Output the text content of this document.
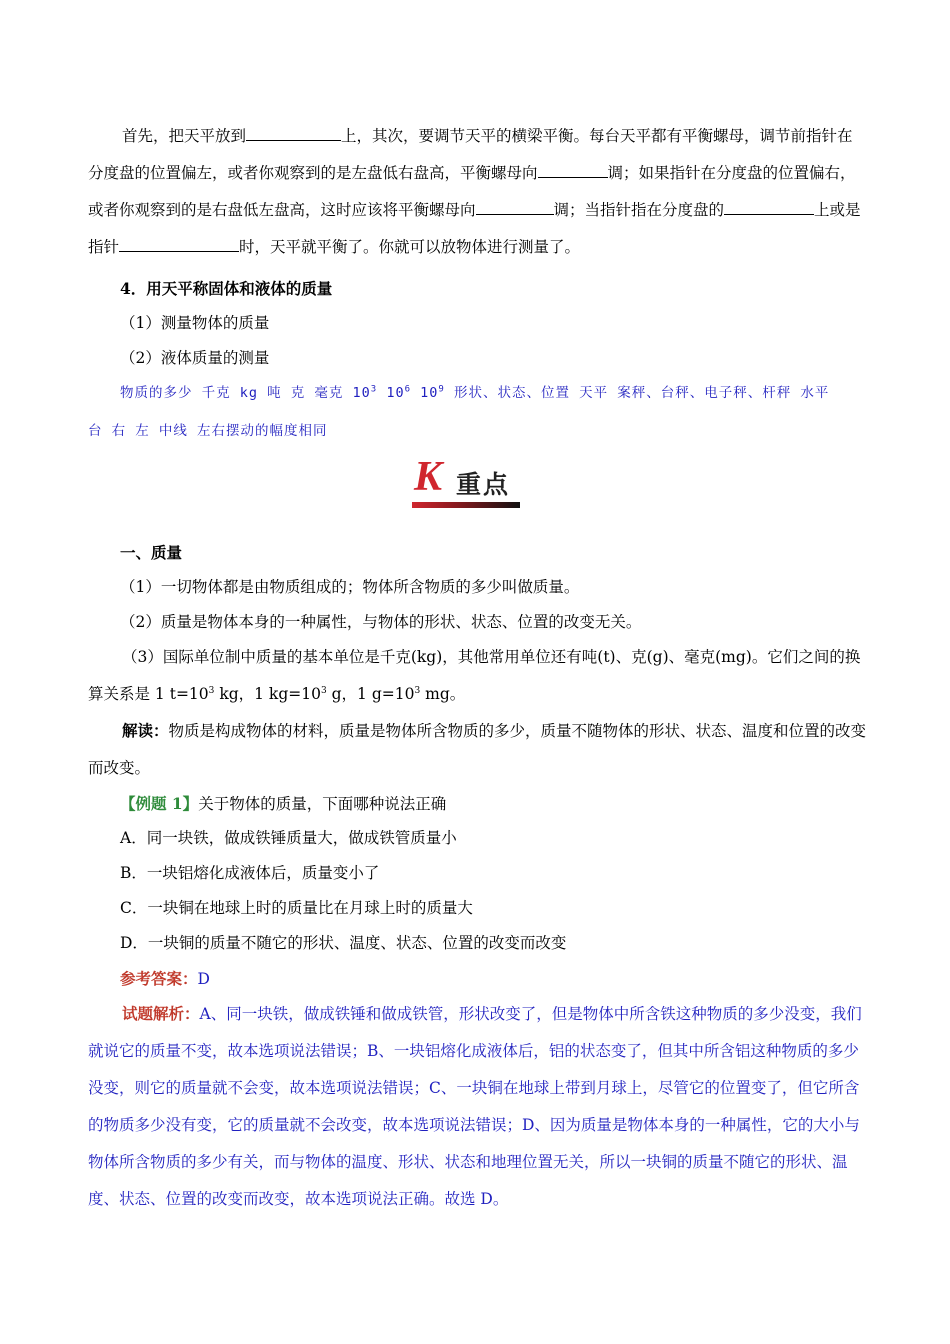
首先，把天平放到	上，其次，要调节天平的横梁平衡。每台天平都有平衡螺母，调节前指针在分度盘的位置偏左，或者你观察到的是左盘低右盘高，平衡螺母向	调；如果指针在分度盘的位置偏右，或者你观察到的是右盘低左盘高，这时应该将平衡螺母向	调；当指针指在分度盘的	上或是指针	时，天平就平衡了。你就可以放物体进行测量了。
4．用天平称固体和液体的质量
（1）测量物体的质量
（2）液体质量的测量
物质的多少 千克 kg 吨 克 毫克 $10^3$ $10^6$ $10^9$ 形状、状态、位置 天平 案秤、台秤、电子秤、杆秤 水平
台 右 左 中线 左右摆动的幅度相同
K 重点
一、质量
（1）一切物体都是由物质组成的；物体所含物质的多少叫做质量。
（2）质量是物体本身的一种属性，与物体的形状、状态、位置的改变无关。
（3）国际单位制中质量的基本单位是千克(kg)，其他常用单位还有吨(t)、克(g)、毫克(mg)。它们之间的换算关系是 1 $t=10^3$ kg，1 $kg=10^3$ g，1 $g=10^3$ mg。
解读：物质是构成物体的材料，质量是物体所含物质的多少，质量不随物体的形状、状态、温度和位置的改变而改变。
【例题 1】关于物体的质量，下面哪种说法正确
A．同一块铁，做成铁锤质量大，做成铁管质量小
B．一块铝熔化成液体后，质量变小了
C．一块铜在地球上时的质量比在月球上时的质量大
D．一块铜的质量不随它的形状、温度、状态、位置的改变而改变
参考答案：D
试题解析：A、同一块铁，做成铁锤和做成铁管，形状改变了，但是物体中所含铁这种物质的多少没变，我们就说它的质量不变，故本选项说法错误；B、一块铝熔化成液体后，铝的状态变了，但其中所含铝这种物质的多少没变，则它的质量就不会变，故本选项说法错误；C、一块铜在地球上带到月球上，尽管它的位置变了，但它所含的物质多少没有变，它的质量就不会改变，故本选项说法错误；D、因为质量是物体本身的一种属性，它的大小与物体所含物质的多少有关，而与物体的温度、形状、状态和地理位置无关，所以一块铜的质量不随它的形状、温度、状态、位置的改变而改变，故本选项说法正确。故选 D。
